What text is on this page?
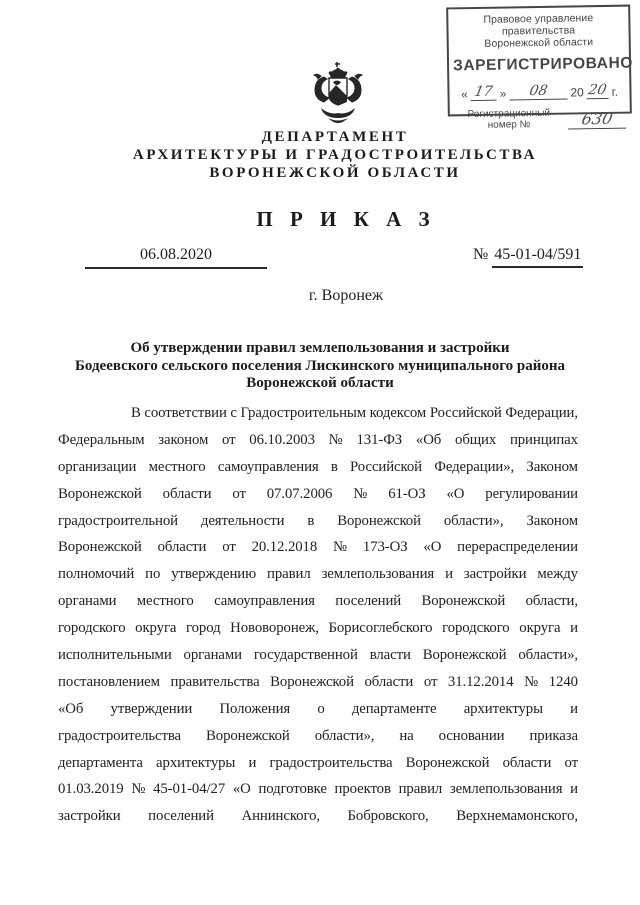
Правовое управление правительства
Воронежской области
ЗАРЕГИСТРИРОВАНО
« 17 »	08	20 20 г.
Регистрационный номер №	630
ДЕПАРТАМЕНТ
АРХИТЕКТУРЫ И ГРАДОСТРОИТЕЛЬСТВА
ВОРОНЕЖСКОЙ ОБЛАСТИ
П Р И К А З
06.08.2020	№ 45-01-04/591
г. Воронеж
Об утверждении правил землепользования и застройки
Бодеевского сельского поселения Лискинского муниципального района
Воронежской области
В соответствии с Градостроительным кодексом Российской Федерации,
Федеральным законом от 06.10.2003 № 131-ФЗ «Об общих принципах
организации местного самоуправления в Российской Федерации», Законом
Воронежской области от 07.07.2006 № 61-ОЗ «О регулировании
градостроительной деятельности в Воронежской области», Законом
Воронежской области от 20.12.2018 № 173-ОЗ «О перераспределении
полномочий по утверждению правил землепользования и застройки между
органами местного самоуправления поселений Воронежской области,
городского округа город Нововоронеж, Борисоглебского городского округа и
исполнительными органами государственной власти Воронежской области»,
постановлением правительства Воронежской области от 31.12.2014 № 1240
«Об утверждении Положения о департаменте архитектуры и
градостроительства Воронежской области», на основании приказа
департамента архитектуры и градостроительства Воронежской области от
01.03.2019 № 45-01-04/27 «О подготовке проектов правил землепользования и
застройки поселений Аннинского, Бобровского, Верхнемамонского,
